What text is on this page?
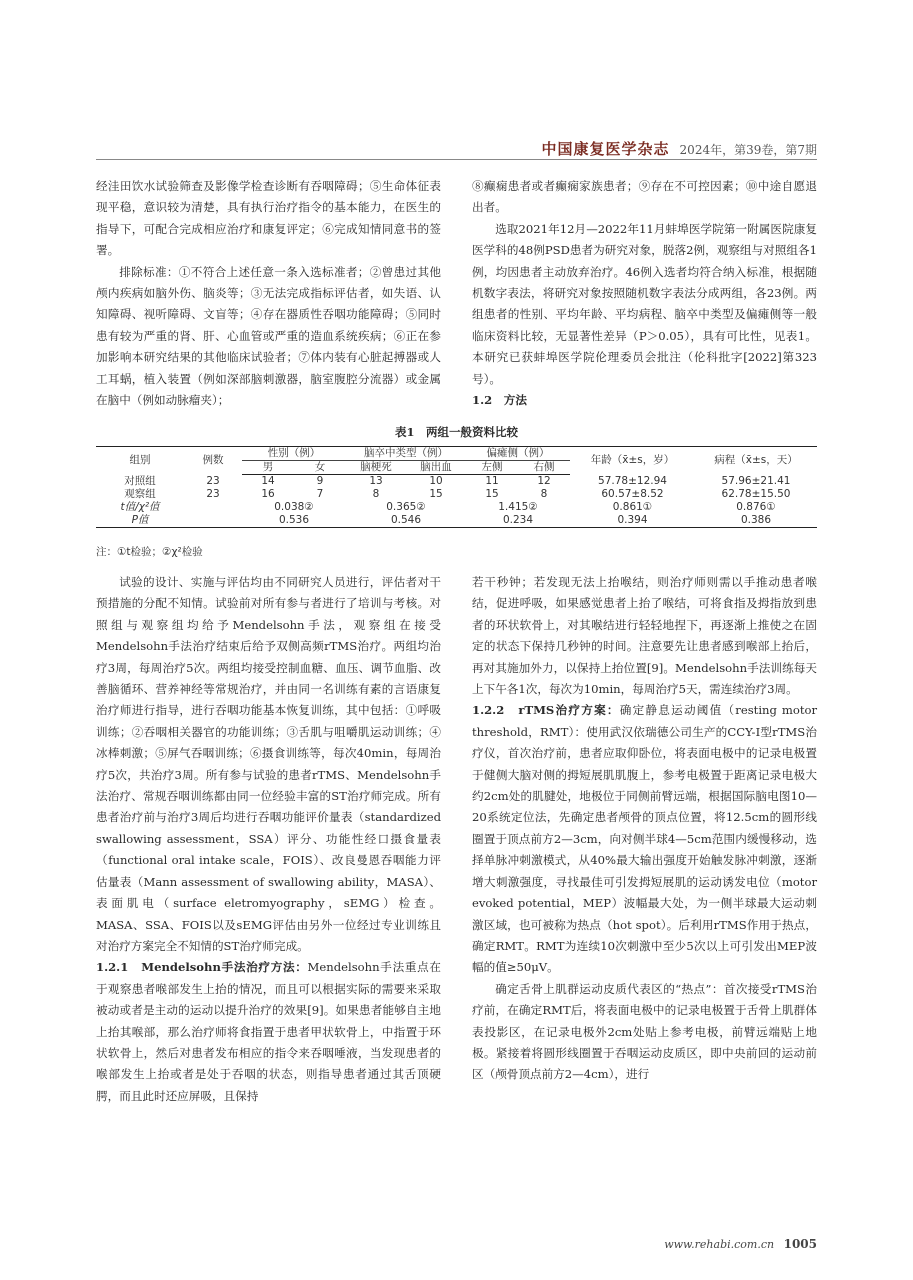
中国康复医学杂志 2024年，第39卷，第7期

经洼田饮水试验筛查及影像学检查诊断有吞咽障碍；⑤生命体征表现平稳，意识较为清楚，具有执行治疗指令的基本能力，在医生的指导下，可配合完成相应治疗和康复评定；⑥完成知情同意书的签署。

排除标准：①不符合上述任意一条入选标准者；②曾患过其他颅内疾病如脑外伤、脑炎等；③无法完成指标评估者，如失语、认知障碍、视听障碍、文盲等；④存在器质性吞咽功能障碍；⑤同时患有较为严重的肾、肝、心血管或严重的造血系统疾病；⑥正在参加影响本研究结果的其他临床试验者；⑦体内装有心脏起搏器或人工耳蜗，植入装置（例如深部脑刺激器，脑室腹腔分流器）或金属在脑中（例如动脉瘤夹）；

⑧癫痫患者或者癫痫家族患者；⑨存在不可控因素；⑩中途自愿退出者。

选取2021年12月—2022年11月蚌埠医学院第一附属医院康复医学科的48例PSD患者为研究对象，脱落2例，观察组与对照组各1例，均因患者主动放弃治疗。46例入选者均符合纳入标准，根据随机数字表法，将研究对象按照随机数字表法分成两组，各23例。两组患者的性别、平均年龄、平均病程、脑卒中类型及偏瘫侧等一般临床资料比较，无显著性差异（P＞0.05），具有可比性，见表1。本研究已获蚌埠医学院伦理委员会批注（伦科批字[2022]第323号）。

1.2　方法

表1　两组一般资料比较
组别	例数	性别（例）		脑卒中类型（例）		偏瘫侧（例）		年龄（x̄±s，岁）	病程（x̄±s，天）
		男	女	脑梗死	脑出血	左侧	右侧		
对照组	23	14	9	13	10	11	12	57.78±12.94	57.96±21.41
观察组	23	16	7	8	15	15	8	60.57±8.52	62.78±15.50
t值/χ²值		0.038②		0.365②		1.415②		0.861①	0.876①
P值		0.536		0.546		0.234		0.394	0.386
注：①t检验；②χ²检验

试验的设计、实施与评估均由不同研究人员进行，评估者对干预措施的分配不知情。试验前对所有参与者进行了培训与考核。对照组与观察组均给予Mendelsohn手法，观察组在接受Mendelsohn手法治疗结束后给予双侧高频rTMS治疗。两组均治疗3周，每周治疗5次。两组均接受控制血糖、血压、调节血脂、改善脑循环、营养神经等常规治疗，并由同一名训练有素的言语康复治疗师进行指导，进行吞咽功能基本恢复训练，其中包括：①呼吸训练；②吞咽相关器官的功能训练；③舌肌与咀嚼肌运动训练；④冰棒刺激；⑤屏气吞咽训练；⑥摄食训练等，每次40min，每周治疗5次，共治疗3周。所有参与试验的患者rTMS、Mendelsohn手法治疗、常规吞咽训练都由同一位经验丰富的ST治疗师完成。所有患者治疗前与治疗3周后均进行吞咽功能评价量表（standardized swallowing assessment，SSA）评分、功能性经口摄食量表（functional oral intake scale，FOIS）、改良曼恩吞咽能力评估量表（Mann assessment of swallowing ability，MASA）、表面肌电（surface eletromyography，sEMG）检查。MASA、SSA、FOIS以及sEMG评估由另外一位经过专业训练且对治疗方案完全不知情的ST治疗师完成。

1.2.1　Mendelsohn手法治疗方法：Mendelsohn手法重点在于观察患者喉部发生上抬的情况，而且可以根据实际的需要来采取被动或者是主动的运动以提升治疗的效果[9]。如果患者能够自主地上抬其喉部，那么治疗师将食指置于患者甲状软骨上，中指置于环状软骨上，然后对患者发布相应的指令来吞咽唾液，当发现患者的喉部发生上抬或者是处于吞咽的状态，则指导患者通过其舌顶硬腭，而且此时还应屏吸，且保持

若干秒钟；若发现无法上抬喉结，则治疗师则需以手推动患者喉结，促进呼吸，如果感觉患者上抬了喉结，可将食指及拇指放到患者的环状软骨上，对其喉结进行轻轻地捏下，再逐渐上推使之在固定的状态下保持几秒钟的时间。注意要先让患者感到喉部上抬后，再对其施加外力，以保持上抬位置[9]。Mendelsohn手法训练每天上下午各1次，每次为10min，每周治疗5天，需连续治疗3周。

1.2.2　rTMS治疗方案：确定静息运动阈值（resting motor threshold，RMT）：使用武汉依瑞德公司生产的CCY-Ⅰ型rTMS治疗仪，首次治疗前，患者应取仰卧位，将表面电极中的记录电极置于健侧大脑对侧的拇短展肌肌腹上，参考电极置于距离记录电极大约2cm处的肌腱处，地极位于同侧前臂远端，根据国际脑电图10—20系统定位法，先确定患者颅骨的顶点位置，将12.5cm的圆形线圈置于顶点前方2—3cm，向对侧半球4—5cm范围内缓慢移动，选择单脉冲刺激模式，从40%最大输出强度开始触发脉冲刺激，逐渐增大刺激强度，寻找最佳可引发拇短展肌的运动诱发电位（motor evoked potential，MEP）波幅最大处，为一侧半球最大运动刺激区域，也可被称为热点（hot spot）。后利用rTMS作用于热点，确定RMT。RMT为连续10次刺激中至少5次以上可引发出MEP波幅的值≥50μV。

确定舌骨上肌群运动皮质代表区的“热点”：首次接受rTMS治疗前，在确定RMT后，将表面电极中的记录电极置于舌骨上肌群体表投影区，在记录电极外2cm处贴上参考电极，前臂远端贴上地极。紧接着将圆形线圈置于吞咽运动皮质区，即中央前回的运动前区（颅骨顶点前方2—4cm），进行

www.rehabi.com.cn 1005
